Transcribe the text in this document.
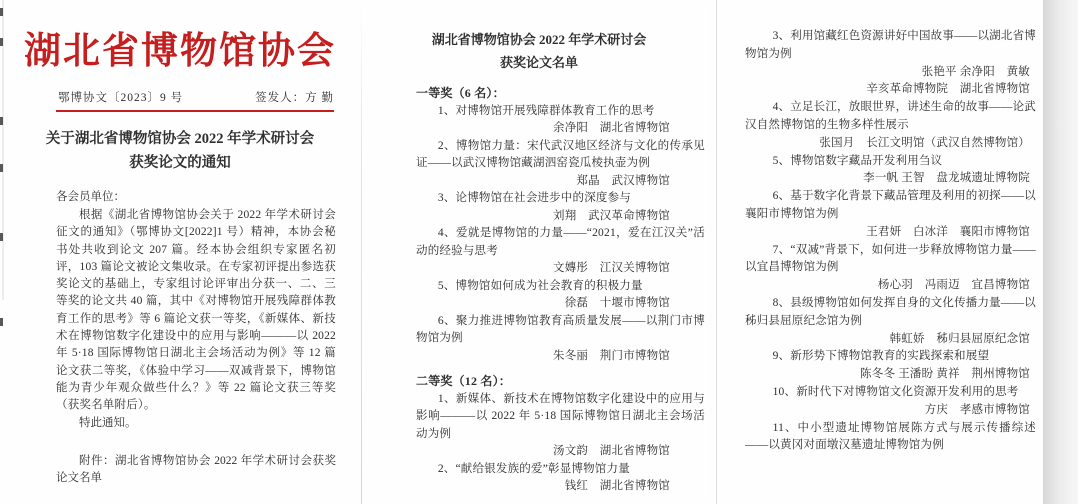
湖北省博物馆协会
鄂博协文〔2023〕9 号	签发人：方 勤
关于湖北省博物馆协会 2022 年学术研讨会
获奖论文的通知
各会员单位：

根据《湖北省博物馆协会关于 2022 年学术研讨会征文的通知》（鄂博协文[2022]1 号）精神，本协会秘书处共收到论文 207 篇。经本协会组织专家匿名初评，103 篇论文被论文集收录。在专家初评提出参选获奖论文的基础上，专家组讨论评审出分获一、二、三等奖的论文共 40 篇，其中《对博物馆开展残障群体教育工作的思考》等 6 篇论文获一等奖，《新媒体、新技术在博物馆数字化建设中的应用与影响———以 2022 年 5·18 国际博物馆日湖北主会场活动为例》等 12 篇论文获二等奖，《体验中学习——双减背景下，博物馆能为青少年观众做些什么？》等 22 篇论文获三等奖（获奖名单附后）。

特此通知。

附件：湖北省博物馆协会 2022 年学术研讨会获奖论文名单

湖北省博物馆协会 2022 年学术研讨会
获奖论文名单
一等奖（6 名）：

1、对博物馆开展残障群体教育工作的思考

余净阳　湖北省博物馆

2、博物馆力量：宋代武汉地区经济与文化的传承见证——以武汉博物馆藏湖泗窑瓷瓜棱执壶为例

郑晶　武汉博物馆

3、论博物馆在社会进步中的深度参与

刘翔　武汉革命博物馆

4、爱就是博物馆的力量——“2021，爱在江汉关”活动的经验与思考

文嫥彤　江汉关博物馆

5、博物馆如何成为社会教育的积极力量

徐磊　十堰市博物馆

6、聚力推进博物馆教育高质量发展——以荆门市博物馆为例

朱冬丽　荆门市博物馆
二等奖（12 名）：

1、新媒体、新技术在博物馆数字化建设中的应用与影响———以 2022 年 5·18 国际博物馆日湖北主会场活动为例

汤文韵　湖北省博物馆

2、“献给银发族的爱”彰显博物馆力量

钱红　湖北省博物馆

3、利用馆藏红色资源讲好中国故事——以湖北省博物馆为例

张艳平 余净阳　黄敏
辛亥革命博物院　湖北省博物馆

4、立足长江，放眼世界，讲述生命的故事——论武汉自然博物馆的生物多样性展示

张国月　长江文明馆（武汉自然博物馆）

5、博物馆数字藏品开发利用刍议

李一帆 王智　盘龙城遗址博物院

6、基于数字化背景下藏品管理及利用的初探——以襄阳市博物馆为例

王君妍　白冰洋　襄阳市博物馆

7、“双减”背景下，如何进一步释放博物馆力量——以宜昌博物馆为例

杨心羽　冯雨迈　宜昌博物馆

8、县级博物馆如何发挥自身的文化传播力量——以秭归县屈原纪念馆为例

韩虹娇　秭归县屈原纪念馆

9、新形势下博物馆教育的实践探索和展望

陈冬冬 王潘盼 黄祥　荆州博物馆

10、新时代下对博物馆文化资源开发利用的思考

方庆　孝感市博物馆

11、中小型遗址博物馆展陈方式与展示传播综述——以黄冈对面墩汉墓遗址博物馆为例
